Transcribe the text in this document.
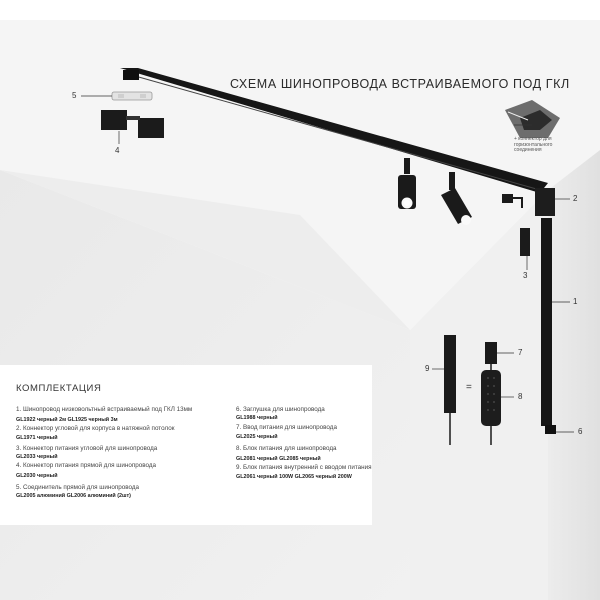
СХЕМА ШИНОПРОВОДА ВСТРАИВАЕМОГО ПОД ГКЛ
+ коннектор для горизонтального соединения
5
4
2
3
1
7
8
9
=
6
КОМПЛЕКТАЦИЯ
1. Шинопровод низковольтный встраиваемый под ГКЛ 13мм
GL1922 черный 2м GL1925 черный 3м
2. Коннектор угловой для корпуса в натяжной потолок
GL1971 черный
3. Коннектор питания угловой для шинопровода
GL2033 черный
4. Коннектор питания прямой для шинопровода
GL2030 черный
5. Соединитель прямой для шинопровода
GL2005 алюминий GL2006 алюминий (2шт)
6. Заглушка для шинопровода
GL1988 черный
7. Ввод питания для шинопровода
GL2025 черный
8. Блок питания для шинопровода
GL2081 черный GL2085 черный
9. Блок питания внутренний с вводом питания
GL2061 черный 100W GL2065 черный 200W
